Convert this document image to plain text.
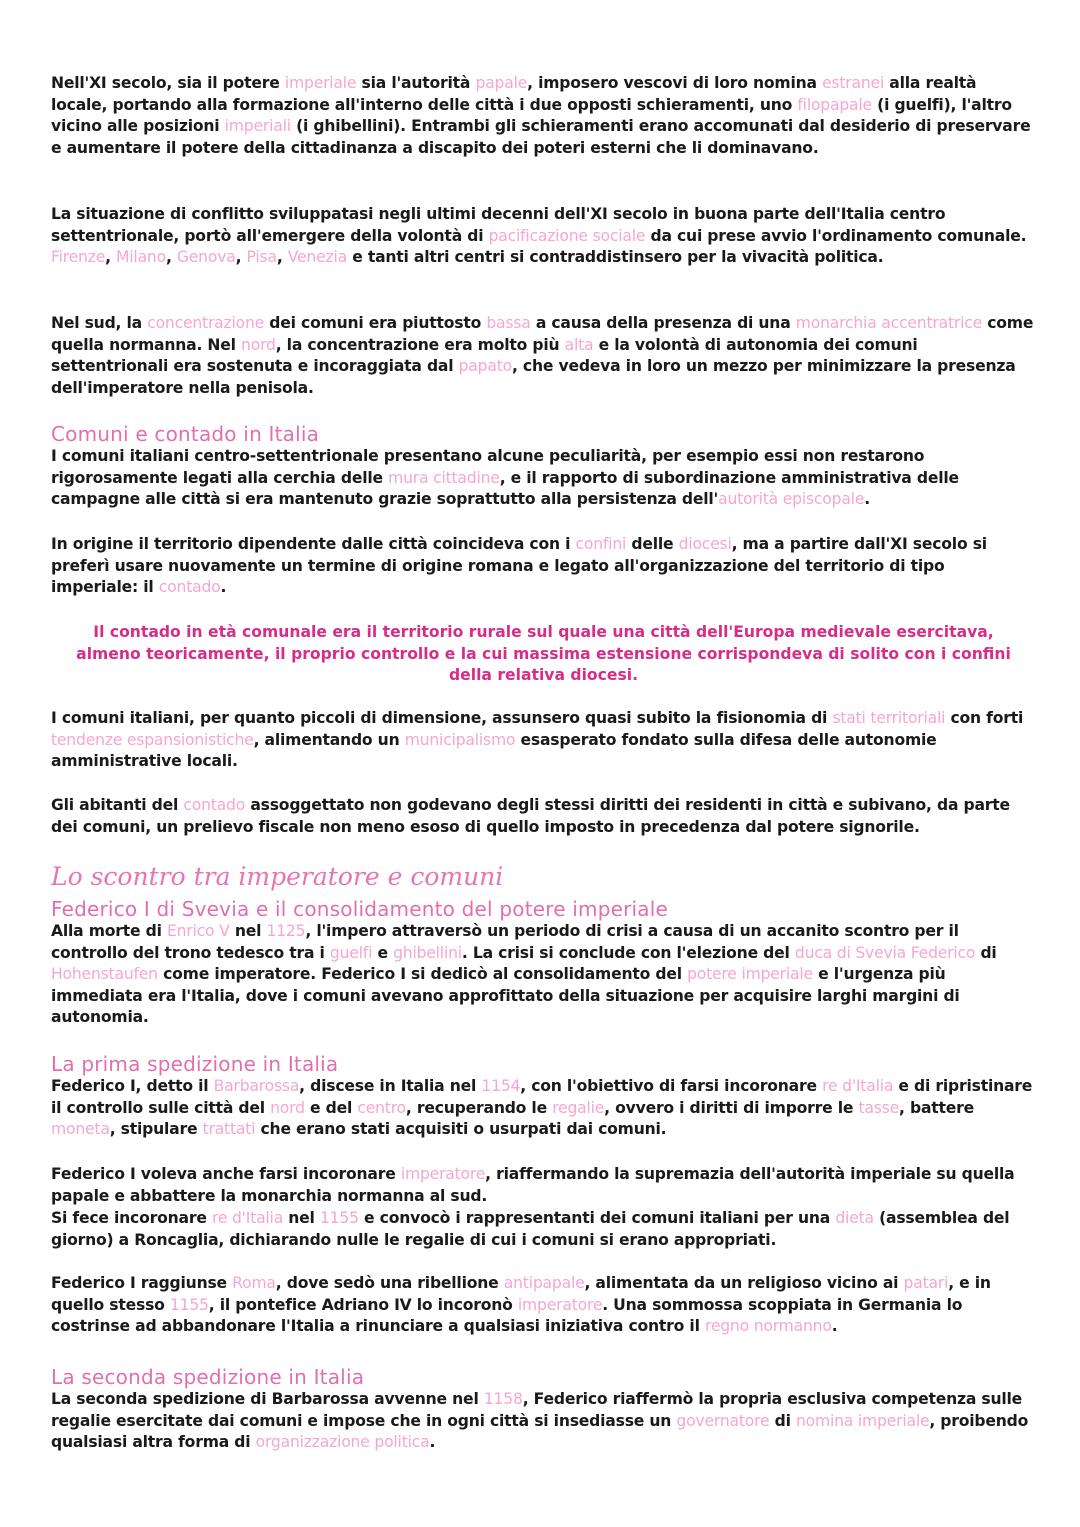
Nell'XI secolo, sia il potere imperiale sia l'autorità papale, imposero vescovi di loro nomina estranei alla realtà locale, portando alla formazione all'interno delle città i due opposti schieramenti, uno filopapale (i guelfi), l'altro vicino alle posizioni imperiali (i ghibellini). Entrambi gli schieramenti erano accomunati dal desiderio di preservare e aumentare il potere della cittadinanza a discapito dei poteri esterni che li dominavano.

La situazione di conflitto sviluppatasi negli ultimi decenni dell'XI secolo in buona parte dell'Italia centro settentrionale, portò all'emergere della volontà di pacificazione sociale da cui prese avvio l'ordinamento comunale. Firenze, Milano, Genova, Pisa, Venezia e tanti altri centri si contraddistinsero per la vivacità politica.

Nel sud, la concentrazione dei comuni era piuttosto bassa a causa della presenza di una monarchia accentratrice come quella normanna. Nel nord, la concentrazione era molto più alta e la volontà di autonomia dei comuni settentrionali era sostenuta e incoraggiata dal papato, che vedeva in loro un mezzo per minimizzare la presenza dell'imperatore nella penisola.

Comuni e contado in Italia

I comuni italiani centro-settentrionale presentano alcune peculiarità, per esempio essi non restarono rigorosamente legati alla cerchia delle mura cittadine, e il rapporto di subordinazione amministrativa delle campagne alle città si era mantenuto grazie soprattutto alla persistenza dell'autorità episcopale.

In origine il territorio dipendente dalle città coincideva con i confini delle diocesi, ma a partire dall'XI secolo si preferì usare nuovamente un termine di origine romana e legato all'organizzazione del territorio di tipo imperiale: il contado.

Il contado in età comunale era il territorio rurale sul quale una città dell'Europa medievale esercitava, almeno teoricamente, il proprio controllo e la cui massima estensione corrispondeva di solito con i confini della relativa diocesi.

I comuni italiani, per quanto piccoli di dimensione, assunsero quasi subito la fisionomia di stati territoriali con forti tendenze espansionistiche, alimentando un municipalismo esasperato fondato sulla difesa delle autonomie amministrative locali.

Gli abitanti del contado assoggettato non godevano degli stessi diritti dei residenti in città e subivano, da parte dei comuni, un prelievo fiscale non meno esoso di quello imposto in precedenza dal potere signorile.

Lo scontro tra imperatore e comuni
Federico I di Svevia e il consolidamento del potere imperiale

Alla morte di Enrico V nel 1125, l'impero attraversò un periodo di crisi a causa di un accanito scontro per il controllo del trono tedesco tra i guelfi e ghibellini. La crisi si conclude con l'elezione del duca di Svevia Federico di Hohenstaufen come imperatore. Federico I si dedicò al consolidamento del potere imperiale e l'urgenza più immediata era l'Italia, dove i comuni avevano approfittato della situazione per acquisire larghi margini di autonomia.

La prima spedizione in Italia

Federico I, detto il Barbarossa, discese in Italia nel 1154, con l'obiettivo di farsi incoronare re d'Italia e di ripristinare il controllo sulle città del nord e del centro, recuperando le regalie, ovvero i diritti di imporre le tasse, battere moneta, stipulare trattati che erano stati acquisiti o usurpati dai comuni.

Federico I voleva anche farsi incoronare imperatore, riaffermando la supremazia dell'autorità imperiale su quella papale e abbattere la monarchia normanna al sud.

Si fece incoronare re d'Italia nel 1155 e convocò i rappresentanti dei comuni italiani per una dieta (assemblea del giorno) a Roncaglia, dichiarando nulle le regalie di cui i comuni si erano appropriati.

Federico I raggiunse Roma, dove sedò una ribellione antipapale, alimentata da un religioso vicino ai patari, e in quello stesso 1155, il pontefice Adriano IV lo incoronò imperatore. Una sommossa scoppiata in Germania lo costrinse ad abbandonare l'Italia a rinunciare a qualsiasi iniziativa contro il regno normanno.

La seconda spedizione in Italia

La seconda spedizione di Barbarossa avvenne nel 1158, Federico riaffermò la propria esclusiva competenza sulle regalie esercitate dai comuni e impose che in ogni città si insediasse un governatore di nomina imperiale, proibendo qualsiasi altra forma di organizzazione politica.
